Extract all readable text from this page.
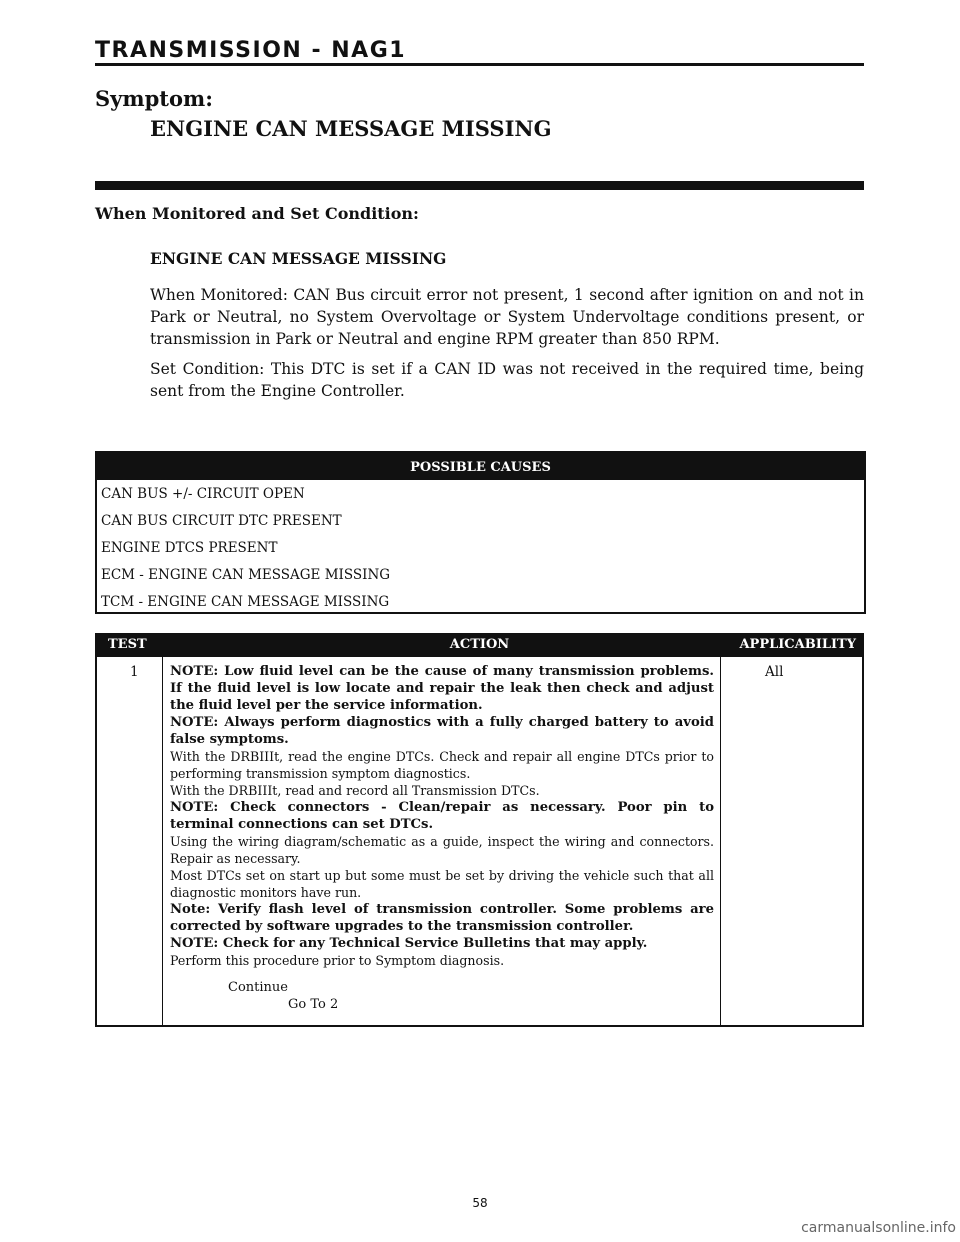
TRANSMISSION - NAG1
Symptom:
ENGINE CAN MESSAGE MISSING
When Monitored and Set Condition:

ENGINE CAN MESSAGE MISSING

When Monitored: CAN Bus circuit error not present, 1 second after ignition on and not in Park or Neutral, no System Overvoltage or System Undervoltage conditions present, or transmission in Park or Neutral and engine RPM greater than 850 RPM.

Set Condition: This DTC is set if a CAN ID was not received in the required time, being sent from the Engine Controller.

POSSIBLE CAUSES
CAN BUS +/- CIRCUIT OPEN
CAN BUS CIRCUIT DTC PRESENT
ENGINE DTCS PRESENT
ECM - ENGINE CAN MESSAGE MISSING
TCM - ENGINE CAN MESSAGE MISSING
ACTION
TEST	APPLICABILITY
1	All

NOTE: Low fluid level can be the cause of many transmission problems. If the fluid level is low locate and repair the leak then check and adjust the fluid level per the service information.

NOTE: Always perform diagnostics with a fully charged battery to avoid false symptoms.

With the DRBIIIt, read the engine DTCs. Check and repair all engine DTCs prior to performing transmission symptom diagnostics.

With the DRBIIIt, read and record all Transmission DTCs.

NOTE: Check connectors - Clean/repair as necessary. Poor pin to terminal connections can set DTCs.

Using the wiring diagram/schematic as a guide, inspect the wiring and connectors. Repair as necessary.

Most DTCs set on start up but some must be set by driving the vehicle such that all diagnostic monitors have run.

Note: Verify flash level of transmission controller. Some problems are corrected by software upgrades to the transmission controller.

NOTE: Check for any Technical Service Bulletins that may apply.

Perform this procedure prior to Symptom diagnosis.

Continue
Go To 2
58
carmanualsonline.info
